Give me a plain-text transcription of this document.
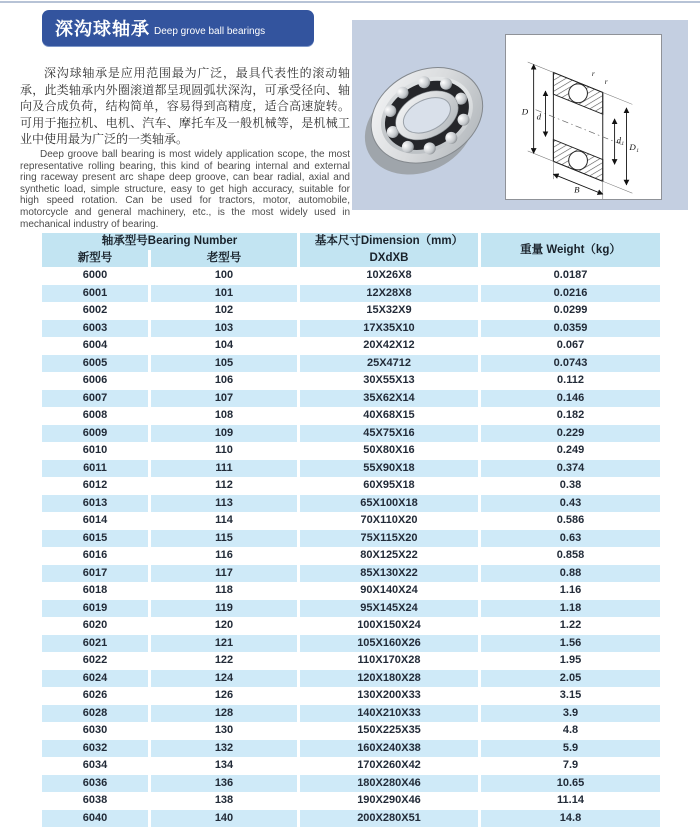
深沟球轴承 Deep grove ball bearings

深沟球轴承是应用范围最为广泛，最具代表性的滚动轴承，此类轴承内外圈滚道都呈现圆弧状深沟，可承受径向、轴向及合成负荷，结构简单，容易得到高精度，适合高速旋转。可用于拖拉机、电机、汽车、摩托车及一般机械等，是机械工业中使用最为广泛的一类轴承。

Deep groove ball bearing is most widely application scope, the most representative rolling bearing, this kind of bearing internal and external ring raceway present arc shape deep groove, can bear radial, axial and synthetic load, simple structure, easy to get high accuracy, suitable for high speed rotation. Can be used for tractors, motor, automobile, motorcycle and general machinery, etc., is the most widely used in mechanical industry of bearing.

D d
d₁
D₁
B
r
r
轴承型号Bearing Number		基本尺寸Dimension（mm）
DXdXB	重量 Weight（kg）
新型号	老型号		
6000	100	10X26X8	0.0187
6001	101	12X28X8	0.0216
6002	102	15X32X9	0.0299
6003	103	17X35X10	0.0359
6004	104	20X42X12	0.067
6005	105	25X4712	0.0743
6006	106	30X55X13	0.112
6007	107	35X62X14	0.146
6008	108	40X68X15	0.182
6009	109	45X75X16	0.229
6010	110	50X80X16	0.249
6011	111	55X90X18	0.374
6012	112	60X95X18	0.38
6013	113	65X100X18	0.43
6014	114	70X110X20	0.586
6015	115	75X115X20	0.63
6016	116	80X125X22	0.858
6017	117	85X130X22	0.88
6018	118	90X140X24	1.16
6019	119	95X145X24	1.18
6020	120	100X150X24	1.22
6021	121	105X160X26	1.56
6022	122	110X170X28	1.95
6024	124	120X180X28	2.05
6026	126	130X200X33	3.15
6028	128	140X210X33	3.9
6030	130	150X225X35	4.8
6032	132	160X240X38	5.9
6034	134	170X260X42	7.9
6036	136	180X280X46	10.65
6038	138	190X290X46	11.14
6040	140	200X280X51	14.8
